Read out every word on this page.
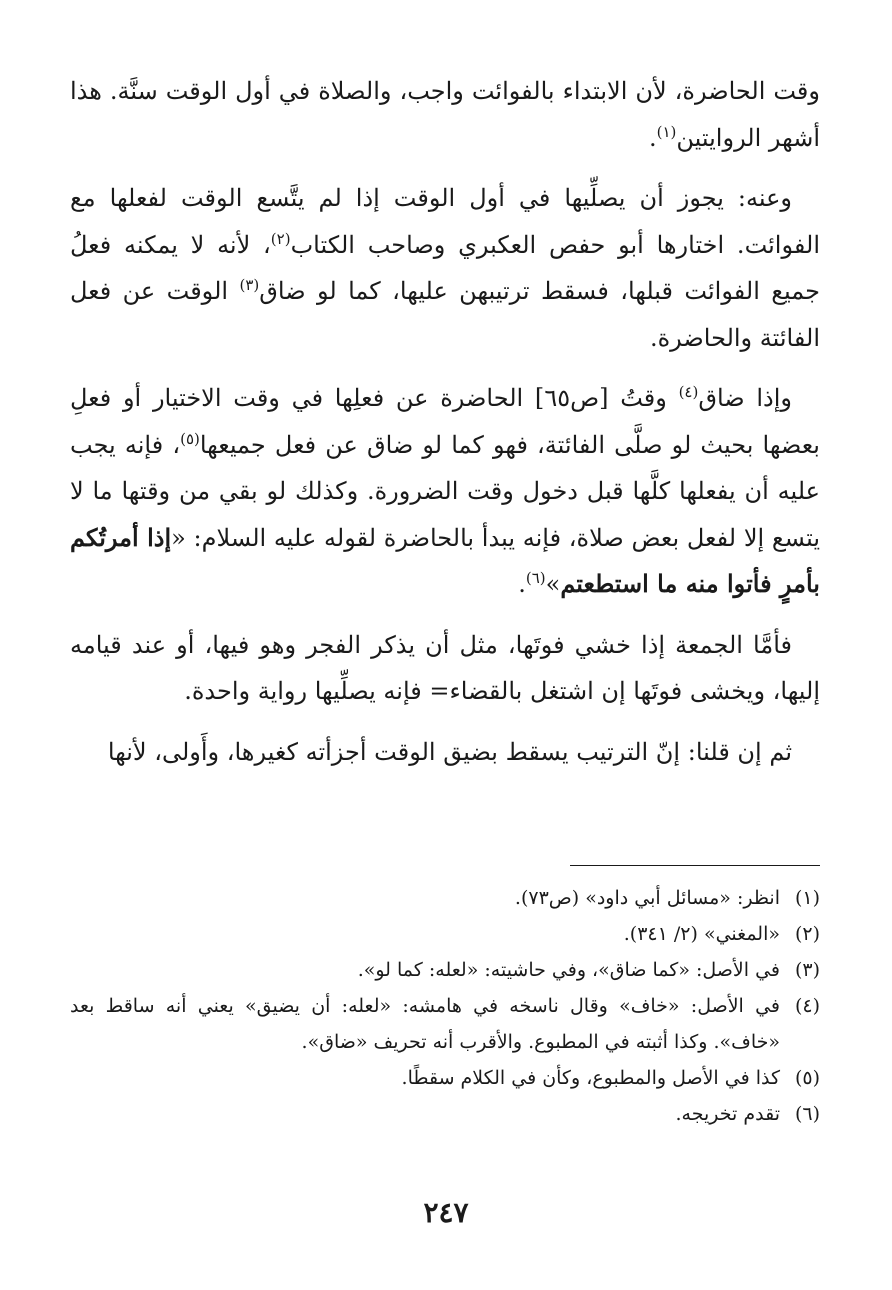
وقت الحاضرة، لأن الابتداء بالفوائت واجب، والصلاة في أول الوقت سنَّة. هذا أشهر الروايتين$^{(١)}$.

وعنه: يجوز أن يصلِّيها في أول الوقت إذا لم يتَّسع الوقت لفعلها مع الفوائت. اختارها أبو حفص العكبري وصاحب الكتاب$^{(٢)}$، لأنه لا يمكنه فعلُ جميع الفوائت قبلها، فسقط ترتيبهن عليها، كما لو ضاق$^{(٣)}$ الوقت عن فعل الفائتة والحاضرة.

وإذا ضاق$^{(٤)}$ وقتُ [ص٦٥] الحاضرة عن فعلِها في وقت الاختيار أو فعلِ بعضها بحيث لو صلَّى الفائتة، فهو كما لو ضاق عن فعل جميعها$^{(٥)}$، فإنه يجب عليه أن يفعلها كلَّها قبل دخول وقت الضرورة. وكذلك لو بقي من وقتها ما لا يتسع إلا لفعل بعض صلاة، فإنه يبدأ بالحاضرة لقوله عليه السلام: «إذا أمرتُكم بأمرٍ فأتوا منه ما استطعتم»$^{(٦)}$.

فأمَّا الجمعة إذا خشي فوتَها، مثل أن يذكر الفجر وهو فيها، أو عند قيامه إليها، ويخشى فوتَها إن اشتغل بالقضاء= فإنه يصلِّيها رواية واحدة.

ثم إن قلنا: إنّ الترتيب يسقط بضيق الوقت أجزأته كغيرها، وأَولى، لأنها

(١)
انظر: «مسائل أبي داود» (ص٧٣).
(٢)
«المغني» (٢/ ٣٤١).
(٣)
في الأصل: «كما ضاق»، وفي حاشيته: «لعله: كما لو».
(٤)
في الأصل: «خاف» وقال ناسخه في هامشه: «لعله: أن يضيق» يعني أنه ساقط بعد «خاف». وكذا أثبته في المطبوع. والأقرب أنه تحريف «ضاق».
(٥)
كذا في الأصل والمطبوع، وكأن في الكلام سقطًا.
(٦)
تقدم تخريجه.
٢٤٧
